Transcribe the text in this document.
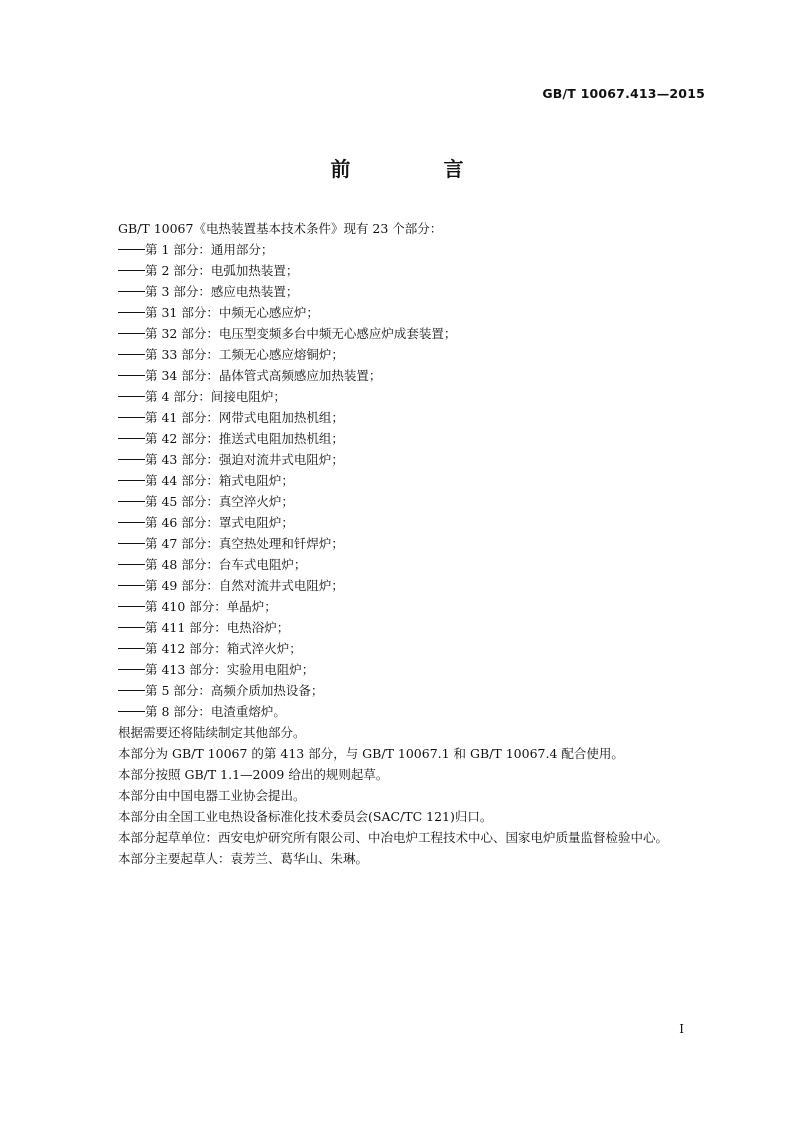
GB/T 10067.413—2015

前 言

GB/T 10067《电热装置基本技术条件》现有 23 个部分：

第 1 部分：通用部分；
第 2 部分：电弧加热装置；
第 3 部分：感应电热装置；
第 31 部分：中频无心感应炉；
第 32 部分：电压型变频多台中频无心感应炉成套装置；
第 33 部分：工频无心感应熔铜炉；
第 34 部分：晶体管式高频感应加热装置；
第 4 部分：间接电阻炉；
第 41 部分：网带式电阻加热机组；
第 42 部分：推送式电阻加热机组；
第 43 部分：强迫对流井式电阻炉；
第 44 部分：箱式电阻炉；
第 45 部分：真空淬火炉；
第 46 部分：罩式电阻炉；
第 47 部分：真空热处理和钎焊炉；
第 48 部分：台车式电阻炉；
第 49 部分：自然对流井式电阻炉；
第 410 部分：单晶炉；
第 411 部分：电热浴炉；
第 412 部分：箱式淬火炉；
第 413 部分：实验用电阻炉；
第 5 部分：高频介质加热设备；
第 8 部分：电渣重熔炉。

根据需要还将陆续制定其他部分。

本部分为 GB/T 10067 的第 413 部分，与 GB/T 10067.1 和 GB/T 10067.4 配合使用。

本部分按照 GB/T 1.1—2009 给出的规则起草。

本部分由中国电器工业协会提出。

本部分由全国工业电热设备标准化技术委员会(SAC/TC 121)归口。

本部分起草单位：西安电炉研究所有限公司、中冶电炉工程技术中心、国家电炉质量监督检验中心。

本部分主要起草人：袁芳兰、葛华山、朱琳。

I
